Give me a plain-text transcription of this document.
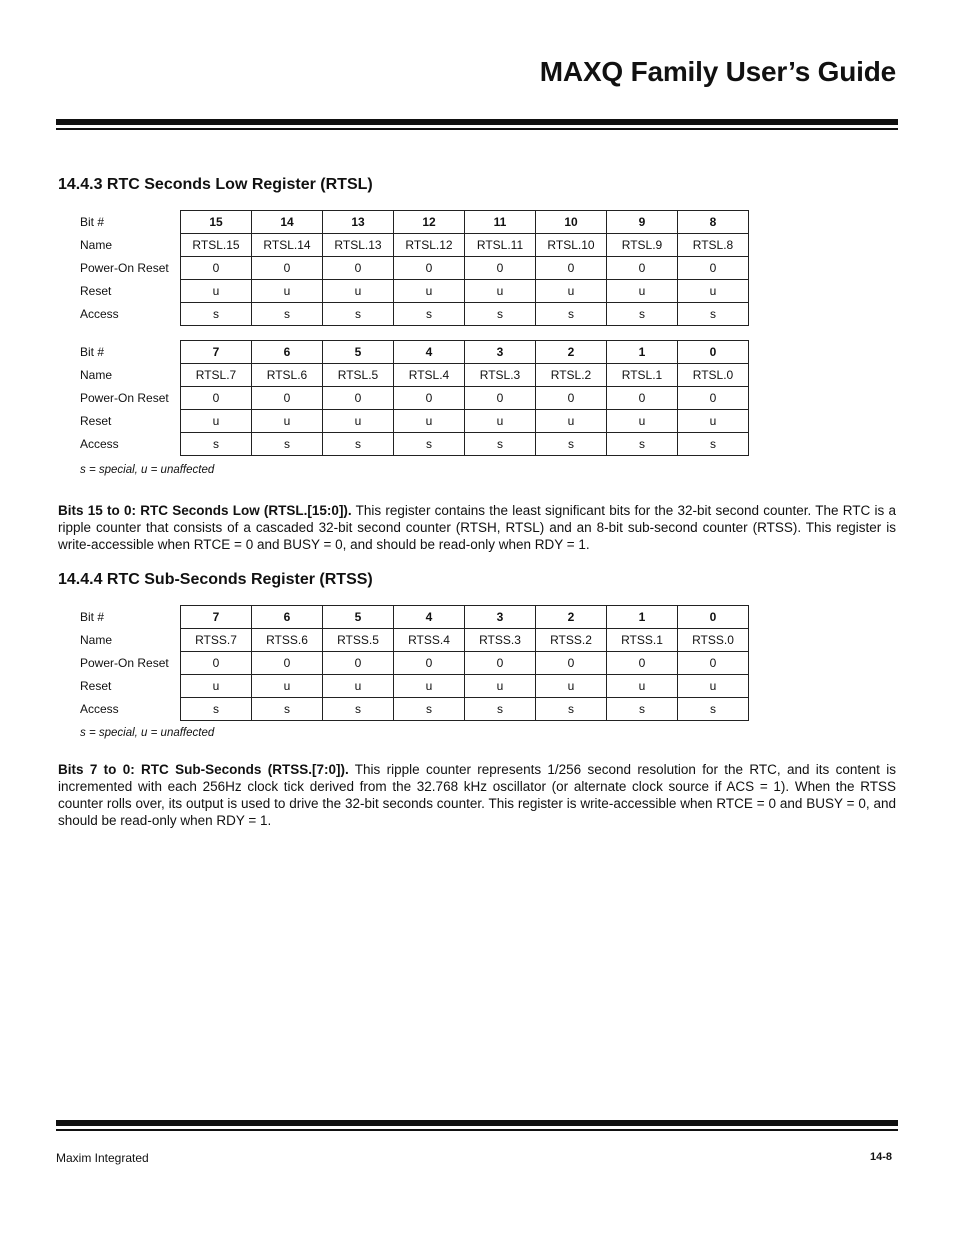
MAXQ Family User’s Guide
14.4.3 RTC Seconds Low Register (RTSL)
Bit #	15	14	13	12	11	10	9	8
Name	RTSL.15	RTSL.14	RTSL.13	RTSL.12	RTSL.11	RTSL.10	RTSL.9	RTSL.8
Power-On Reset	0	0	0	0	0	0	0	0
Reset	u	u	u	u	u	u	u	u
Access	s	s	s	s	s	s	s	s
Bit #	7	6	5	4	3	2	1	0
Name	RTSL.7	RTSL.6	RTSL.5	RTSL.4	RTSL.3	RTSL.2	RTSL.1	RTSL.0
Power-On Reset	0	0	0	0	0	0	0	0
Reset	u	u	u	u	u	u	u	u
Access	s	s	s	s	s	s	s	s
s = special, u = unaffected

Bits 15 to 0: RTC Seconds Low (RTSL.[15:0]). This register contains the least significant bits for the 32-bit second counter. The RTC is a ripple counter that consists of a cascaded 32-bit second counter (RTSH, RTSL) and an 8-bit sub-second counter (RTSS). This register is write-accessible when RTCE = 0 and BUSY = 0, and should be read-only when RDY = 1.

14.4.4 RTC Sub-Seconds Register (RTSS)
Bit #	7	6	5	4	3	2	1	0
Name	RTSS.7	RTSS.6	RTSS.5	RTSS.4	RTSS.3	RTSS.2	RTSS.1	RTSS.0
Power-On Reset	0	0	0	0	0	0	0	0
Reset	u	u	u	u	u	u	u	u
Access	s	s	s	s	s	s	s	s
s = special, u = unaffected

Bits 7 to 0: RTC Sub-Seconds (RTSS.[7:0]). This ripple counter represents 1/256 second resolution for the RTC, and its content is incremented with each 256Hz clock tick derived from the 32.768 kHz oscillator (or alternate clock source if ACS = 1). When the RTSS counter rolls over, its output is used to drive the 32-bit seconds counter. This register is write-accessible when RTCE = 0 and BUSY = 0, and should be read-only when RDY = 1.

Maxim Integrated	14-8
